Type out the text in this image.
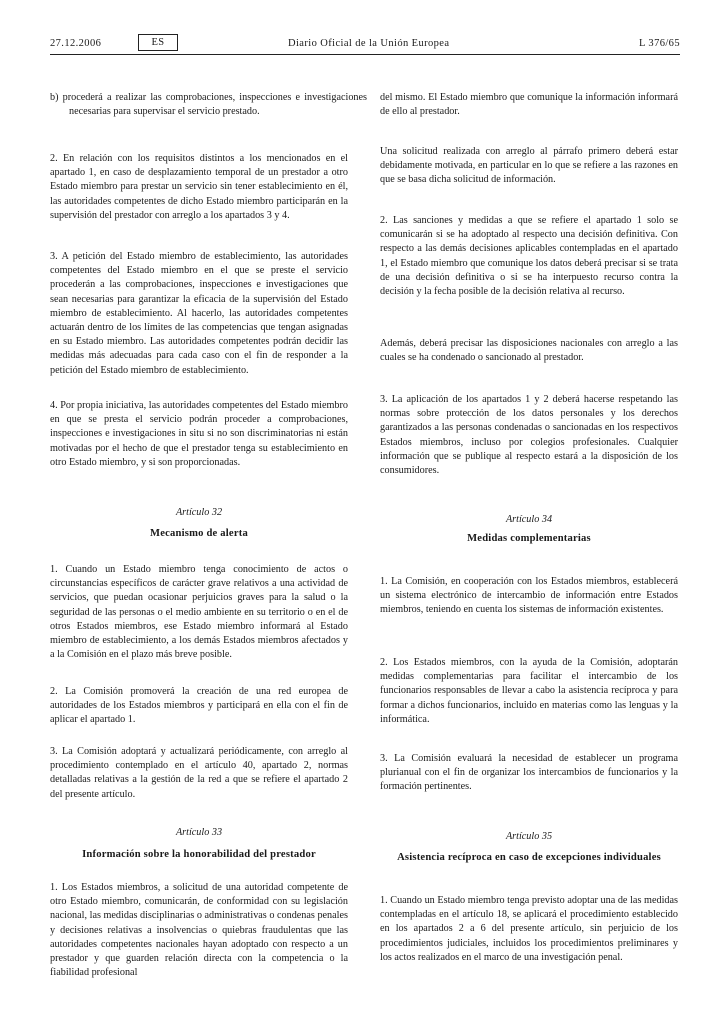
27.12.2006	ES	Diario Oficial de la Unión Europea	L 376/65
b) procederá a realizar las comprobaciones, inspecciones e investigaciones necesarias para supervisar el servicio prestado.
2. En relación con los requisitos distintos a los mencionados en el apartado 1, en caso de desplazamiento temporal de un prestador a otro Estado miembro para prestar un servicio sin tener establecimiento en él, las autoridades competentes de dicho Estado miembro participarán en la supervisión del prestador con arreglo a los apartados 3 y 4.
3. A petición del Estado miembro de establecimiento, las autoridades competentes del Estado miembro en el que se preste el servicio procederán a las comprobaciones, inspecciones e investigaciones que sean necesarias para garantizar la eficacia de la supervisión del Estado miembro de establecimiento. Al hacerlo, las autoridades competentes actuarán dentro de los límites de las competencias que tengan asignadas en su Estado miembro. Las autoridades competentes podrán decidir las medidas más adecuadas para cada caso con el fin de responder a la petición del Estado miembro de establecimiento.
4. Por propia iniciativa, las autoridades competentes del Estado miembro en que se presta el servicio podrán proceder a comprobaciones, inspecciones e investigaciones in situ si no son discriminatorias ni están motivadas por el hecho de que el prestador tenga su establecimiento en otro Estado miembro, y si son proporcionadas.
Artículo 32
Mecanismo de alerta
1. Cuando un Estado miembro tenga conocimiento de actos o circunstancias específicos de carácter grave relativos a una actividad de servicios, que puedan ocasionar perjuicios graves para la salud o la seguridad de las personas o el medio ambiente en su territorio o en el de otros Estados miembros, ese Estado miembro informará al Estado miembro de establecimiento, a los demás Estados miembros afectados y a la Comisión en el plazo más breve posible.
2. La Comisión promoverá la creación de una red europea de autoridades de los Estados miembros y participará en ella con el fin de aplicar el apartado 1.
3. La Comisión adoptará y actualizará periódicamente, con arreglo al procedimiento contemplado en el artículo 40, apartado 2, normas detalladas relativas a la gestión de la red a que se refiere el apartado 2 del presente artículo.
Artículo 33
Información sobre la honorabilidad del prestador
1. Los Estados miembros, a solicitud de una autoridad competente de otro Estado miembro, comunicarán, de conformidad con su legislación nacional, las medidas disciplinarias o administrativas o condenas penales y decisiones relativas a insolvencias o quiebras fraudulentas que las autoridades competentes nacionales hayan adoptado con respecto a un prestador y que guarden relación directa con la competencia o la fiabilidad profesional
del mismo. El Estado miembro que comunique la información informará de ello al prestador.
Una solicitud realizada con arreglo al párrafo primero deberá estar debidamente motivada, en particular en lo que se refiere a las razones en que se basa dicha solicitud de información.
2. Las sanciones y medidas a que se refiere el apartado 1 solo se comunicarán si se ha adoptado al respecto una decisión definitiva. Con respecto a las demás decisiones aplicables contempladas en el apartado 1, el Estado miembro que comunique los datos deberá precisar si se trata de una decisión definitiva o si se ha interpuesto recurso contra la decisión y la fecha posible de la decisión relativa al recurso.
Además, deberá precisar las disposiciones nacionales con arreglo a las cuales se ha condenado o sancionado al prestador.
3. La aplicación de los apartados 1 y 2 deberá hacerse respetando las normas sobre protección de los datos personales y los derechos garantizados a las personas condenadas o sancionadas en los respectivos Estados miembros, incluso por colegios profesionales. Cualquier información que se publique al respecto estará a la disposición de los consumidores.
Artículo 34
Medidas complementarias
1. La Comisión, en cooperación con los Estados miembros, establecerá un sistema electrónico de intercambio de información entre Estados miembros, teniendo en cuenta los sistemas de información existentes.
2. Los Estados miembros, con la ayuda de la Comisión, adoptarán medidas complementarias para facilitar el intercambio de los funcionarios responsables de llevar a cabo la asistencia recíproca y para formar a dichos funcionarios, incluido en materias como las lenguas y la informática.
3. La Comisión evaluará la necesidad de establecer un programa plurianual con el fin de organizar los intercambios de funcionarios y la formación pertinentes.
Artículo 35
Asistencia recíproca en caso de excepciones individuales
1. Cuando un Estado miembro tenga previsto adoptar una de las medidas contempladas en el artículo 18, se aplicará el procedimiento establecido en los apartados 2 a 6 del presente artículo, sin perjuicio de los procedimientos judiciales, incluidos los procedimientos preliminares y los actos realizados en el marco de una investigación penal.
